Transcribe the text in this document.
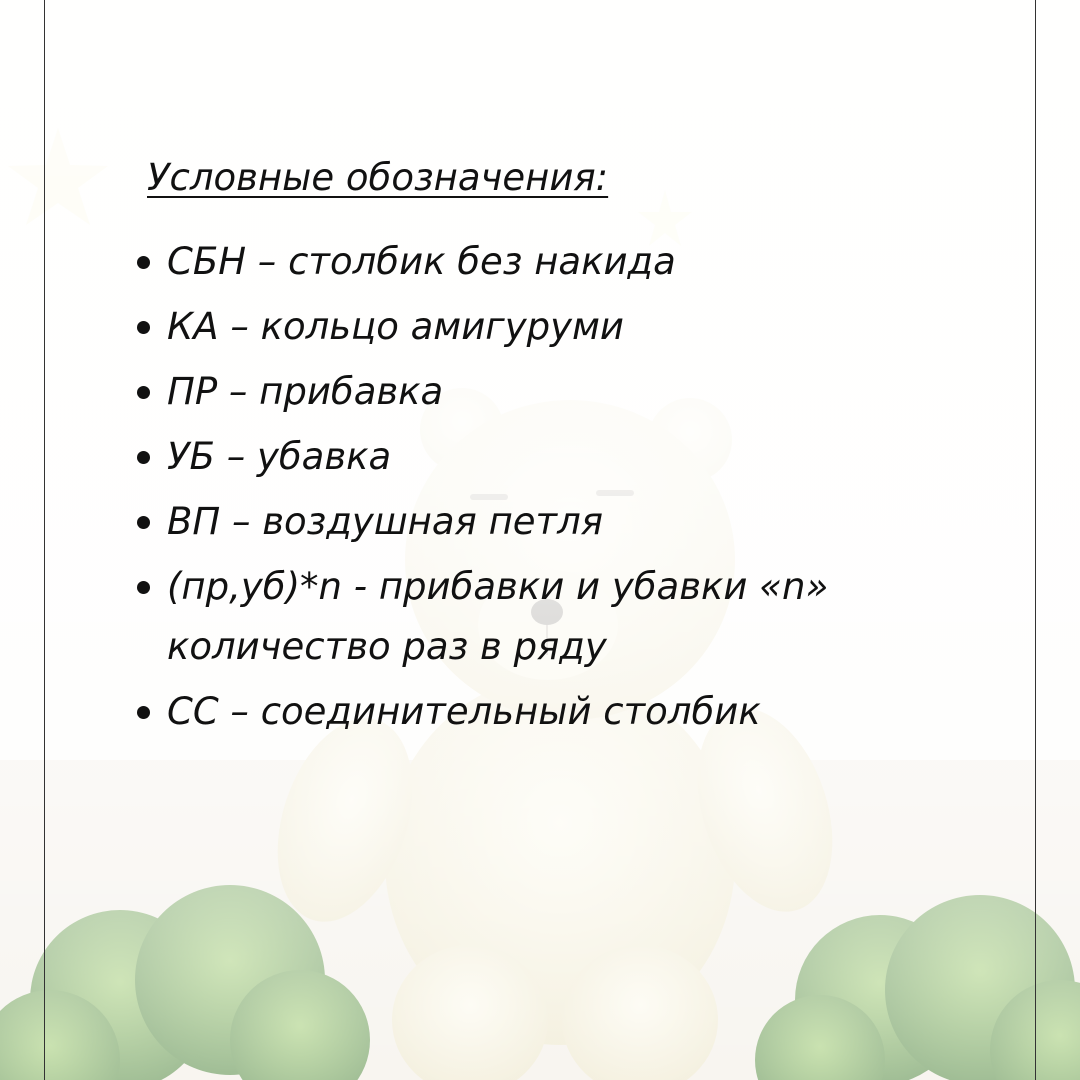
Условные обозначения:
СБН – столбик без накида
КА – кольцо амигуруми
ПР – прибавка
УБ – убавка
ВП – воздушная петля
(пр,уб)*n - прибавки и убавки «n» количество раз в ряду
СС – соединительный столбик
